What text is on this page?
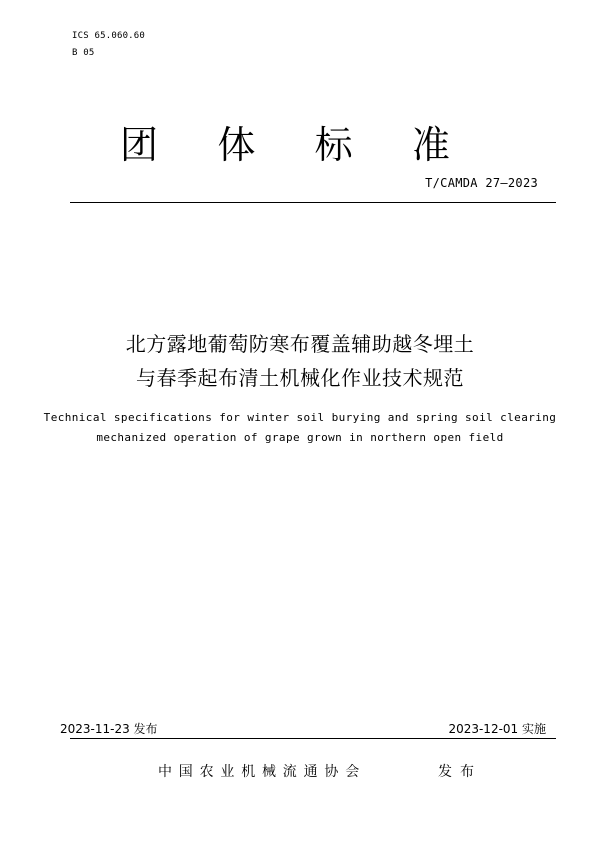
ICS 65.060.60
B 05
团 体 标 准
T/CAMDA 27—2023
北方露地葡萄防寒布覆盖辅助越冬埋土
与春季起布清土机械化作业技术规范
Technical specifications for winter soil burying and spring soil clearing
mechanized operation of grape grown in northern open field
2023-11-23 发布	2023-12-01 实施
中国农业机械流通协会	发布
